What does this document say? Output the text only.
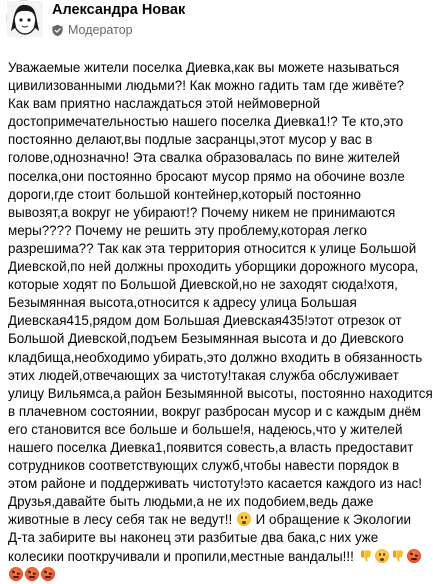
Александра Новак
Модератор
Уважаемые жители поселка Диевка,как вы можете называться
цивилизованными людьми?! Как можно гадить там где живёте?
Как вам приятно наслаждаться этой неймоверной
достопримечательностью нашего поселка Диевка1!? Те кто,это
постоянно делают,вы подлые засранцы,этот мусор у вас в
голове,однозначно! Эта свалка образовалась по вине жителей
поселка,они постоянно бросают мусор прямо на обочине возле
дороги,где стоит большой контейнер,который постоянно
вывозят,а вокруг не убирают!? Почему никем не принимаются
меры???? Почему не решить эту проблему,которая легко
разрешима?? Так как эта территория относится к улице Большой
Диевской,по ней должны проходить уборщики дорожного мусора,
которые ходят по Большой Диевской,но не заходят сюда!хотя,
Безымянная высота,относится к адресу улица Большая
Диевская415,рядом дом Большая Диевская435!этот отрезок от
Большой Диевской,подъем Безымянная высота и до Диевского
кладбища,необходимо убирать,это должно входить в обязанность
этих людей,отвечающих за чистоту!такая служба обслуживает
улицу Вильямса,а район Безымянной высоты, постоянно находится
в плачевном состоянии, вокруг разбросан мусор и с каждым днём
его становится все больше и больше!я, надеюсь,что у жителей
нашего поселка Диевка1,появится совесть,а власть предоставит
сотрудников соответствующих служб,чтобы навести порядок в
этом районе и поддерживать чистоту!это касается каждого из нас!
Друзья,давайте быть людьми,а не их подобием,ведь даже
животные в лесу себя так не ведут!! И обращение к Экологии
Д-та забирите вы наконец эти разбитые два бака,с них уже
колесики пооткручивали и пропили,местные вандалы!!!
